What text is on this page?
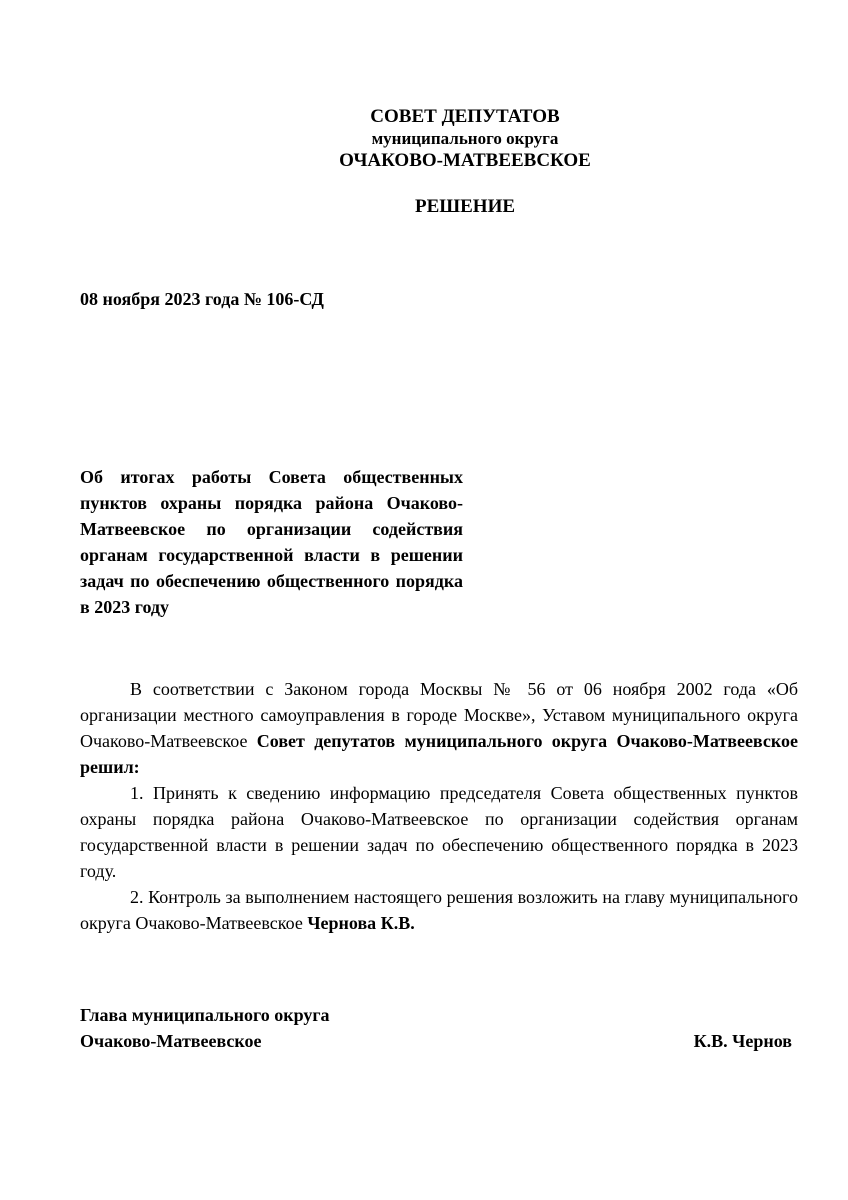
СОВЕТ ДЕПУТАТОВ
муниципального округа
ОЧАКОВО-МАТВЕЕВСКОЕ
РЕШЕНИЕ
08 ноября 2023 года № 106-СД
Об итогах работы Совета общественных пунктов охраны порядка района Очаково-Матвеевское по организации содействия органам государственной власти в решении задач по обеспечению общественного порядка в 2023 году

В соответствии с Законом города Москвы № 56 от 06 ноября 2002 года «Об организации местного самоуправления в городе Москве», Уставом муниципального округа Очаково-Матвеевское Совет депутатов муниципального округа Очаково-Матвеевское решил:

1. Принять к сведению информацию председателя Совета общественных пунктов охраны порядка района Очаково-Матвеевское по организации содействия органам государственной власти в решении задач по обеспечению общественного порядка в 2023 году.

2. Контроль за выполнением настоящего решения возложить на главу муниципального округа Очаково-Матвеевское Чернова К.В.

Глава муниципального округа
Очаково-Матвеевское	К.В. Чернов
